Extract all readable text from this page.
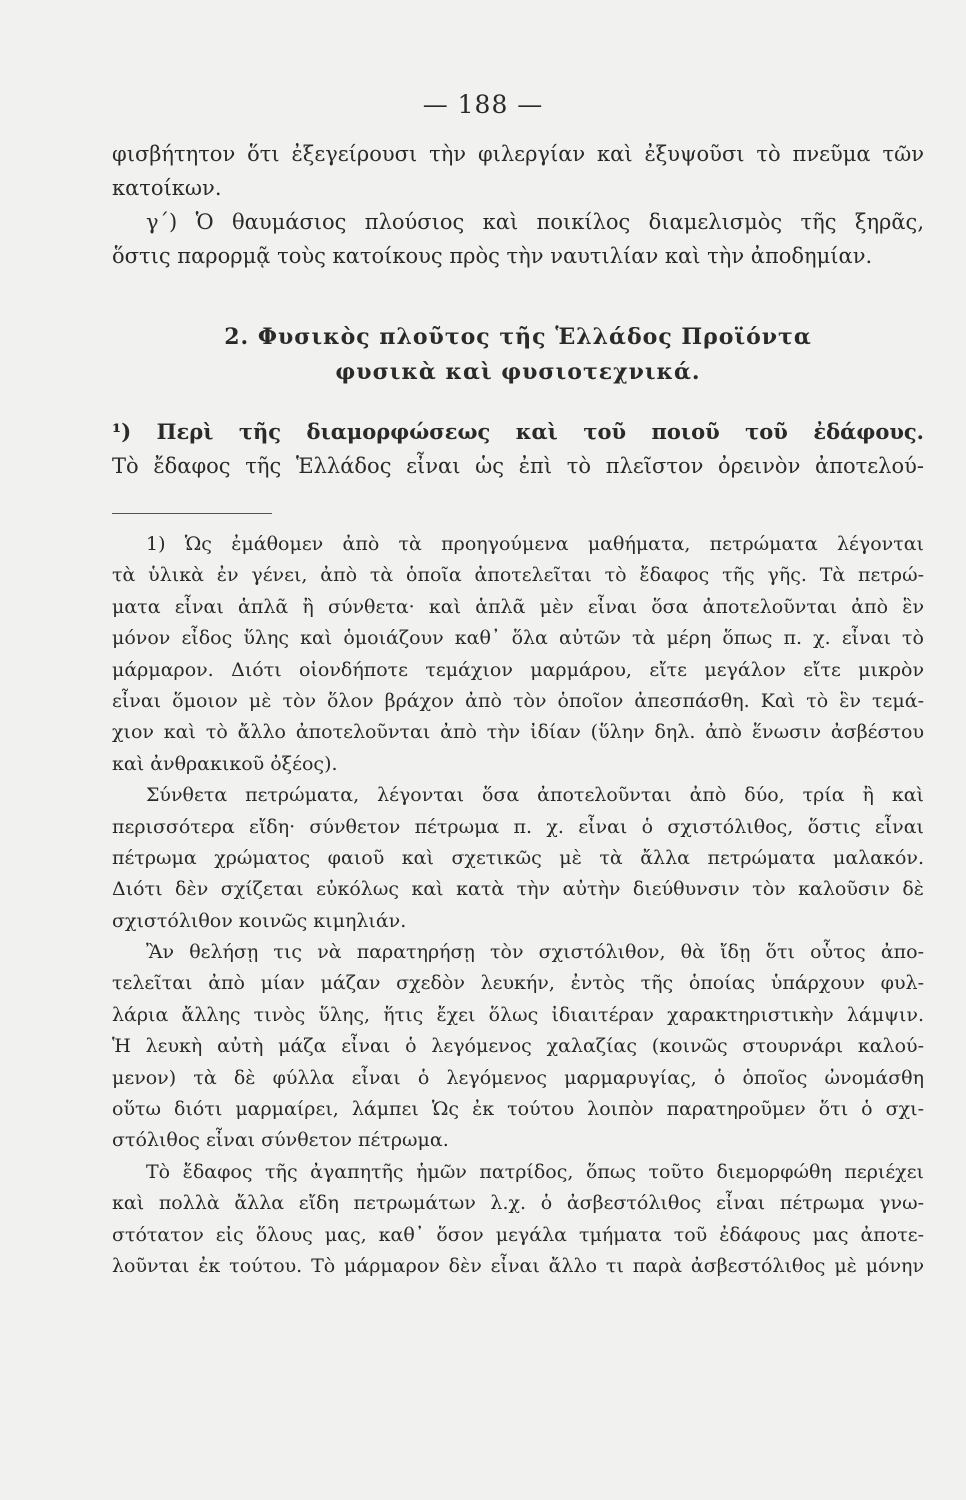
— 188 —
φισβήτητον ὅτι ἐξεγείρουσι τὴν φιλεργίαν καὶ ἐξυψοῦσι τὸ πνεῦμα τῶν
κατοίκων.
γ΄) Ὁ θαυμάσιος πλούσιος καὶ ποικίλος διαμελισμὸς τῆς ξηρᾶς,
ὅστις παρορμᾷ τοὺς κατοίκους πρὸς τὴν ναυτιλίαν καὶ τὴν ἀποδημίαν.
2. Φυσικὸς πλοῦτος τῆς Ἑλλάδος Προϊόντα
φυσικὰ καὶ φυσιοτεχνικά.
¹) Περὶ τῆς διαμορφώσεως καὶ τοῦ ποιοῦ τοῦ ἐδάφους.
Τὸ ἔδαφος τῆς Ἑλλάδος εἶναι ὡς ἐπὶ τὸ πλεῖστον ὀρεινὸν ἀποτελού-
1) Ὡς ἐμάθομεν ἀπὸ τὰ προηγούμενα μαθήματα, πετρώματα λέγονται
τὰ ὑλικὰ ἐν γένει, ἀπὸ τὰ ὁποῖα ἀποτελεῖται τὸ ἔδαφος τῆς γῆς. Τὰ πετρώ-
ματα εἶναι ἁπλᾶ ἢ σύνθετα· καὶ ἁπλᾶ μὲν εἶναι ὅσα ἀποτελοῦνται ἀπὸ ἓν
μόνον εἶδος ὕλης καὶ ὁμοιάζουν καθ᾽ ὅλα αὐτῶν τὰ μέρη ὅπως π. χ. εἶναι τὸ
μάρμαρον. Διότι οἱονδήποτε τεμάχιον μαρμάρου, εἴτε μεγάλον εἴτε μικρὸν
εἶναι ὅμοιον μὲ τὸν ὅλον βράχον ἀπὸ τὸν ὁποῖον ἀπεσπάσθη. Καὶ τὸ ἓν τεμά-
χιον καὶ τὸ ἄλλο ἀποτελοῦνται ἀπὸ τὴν ἰδίαν (ὕλην δηλ. ἀπὸ ἕνωσιν ἀσβέστου
καὶ ἀνθρακικοῦ ὀξέος).
Σύνθετα πετρώματα, λέγονται ὅσα ἀποτελοῦνται ἀπὸ δύο, τρία ἢ καὶ
περισσότερα εἴδη· σύνθετον πέτρωμα π. χ. εἶναι ὁ σχιστόλιθος, ὅστις εἶναι
πέτρωμα χρώματος φαιοῦ καὶ σχετικῶς μὲ τὰ ἄλλα πετρώματα μαλακόν.
Διότι δὲν σχίζεται εὐκόλως καὶ κατὰ τὴν αὐτὴν διεύθυνσιν τὸν καλοῦσιν δὲ
σχιστόλιθον κοινῶς κιμηλιάν.
Ἂν θελήσῃ τις νὰ παρατηρήσῃ τὸν σχιστόλιθον, θὰ ἴδῃ ὅτι οὗτος ἀπο-
τελεῖται ἀπὸ μίαν μάζαν σχεδὸν λευκήν, ἐντὸς τῆς ὁποίας ὑπάρχουν φυλ-
λάρια ἄλλης τινὸς ὕλης, ἥτις ἔχει ὅλως ἰδιαιτέραν χαρακτηριστικὴν λάμψιν.
Ἡ λευκὴ αὐτὴ μάζα εἶναι ὁ λεγόμενος χαλαζίας (κοινῶς στουρνάρι καλού-
μενον) τὰ δὲ φύλλα εἶναι ὁ λεγόμενος μαρμαρυγίας, ὁ ὁποῖος ὠνομάσθη
οὕτω διότι μαρμαίρει, λάμπει Ὡς ἐκ τούτου λοιπὸν παρατηροῦμεν ὅτι ὁ σχι-
στόλιθος εἶναι σύνθετον πέτρωμα.
Τὸ ἔδαφος τῆς ἀγαπητῆς ἡμῶν πατρίδος, ὅπως τοῦτο διεμορφώθη περιέχει
καὶ πολλὰ ἄλλα εἴδη πετρωμάτων λ.χ. ὁ ἀσβεστόλιθος εἶναι πέτρωμα γνω-
στότατον εἰς ὅλους μας, καθ᾽ ὅσον μεγάλα τμήματα τοῦ ἐδάφους μας ἀποτε-
λοῦνται ἐκ τούτου. Τὸ μάρμαρον δὲν εἶναι ἄλλο τι παρὰ ἀσβεστόλιθος μὲ μόνην
